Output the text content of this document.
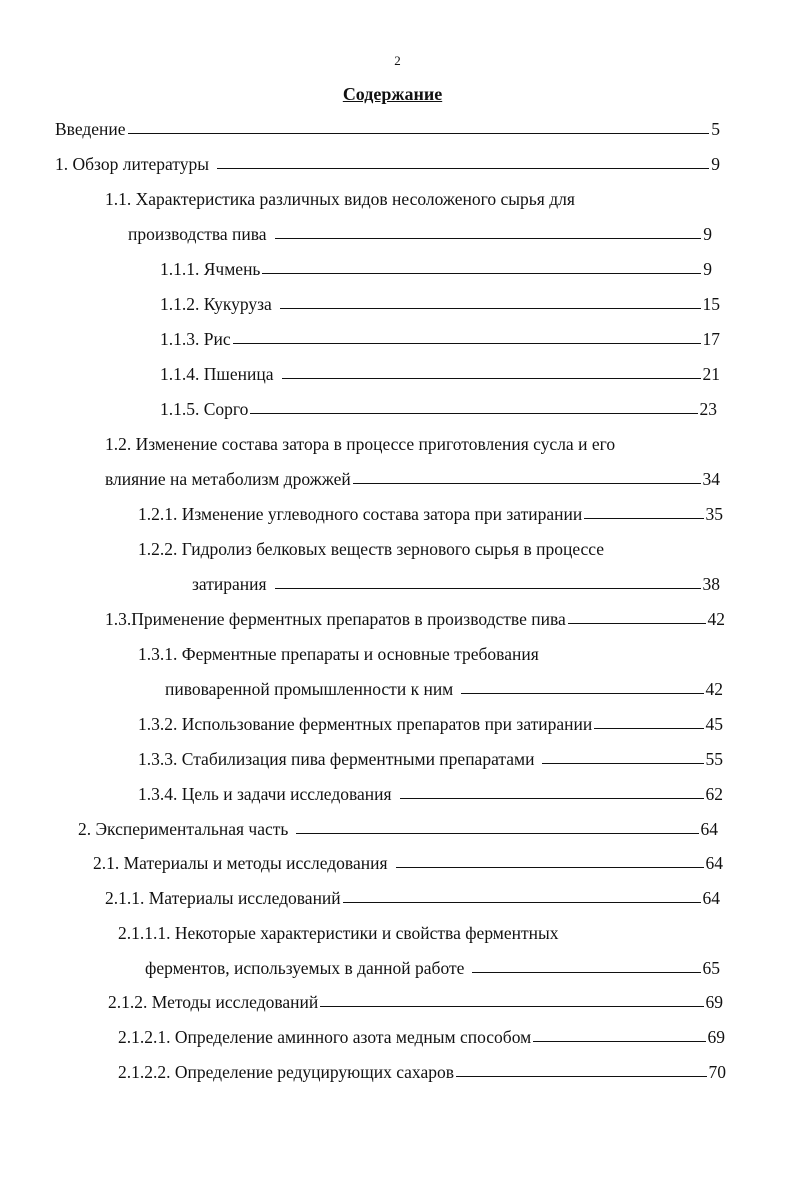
2
Содержание
Введение	5
1. Обзор литературы	9
1.1. Характеристика различных видов несоложеного сырья для
производства пива	9
1.1.1. Ячмень	9
1.1.2. Кукуруза	15
1.1.3. Рис	17
1.1.4. Пшеница	21
1.1.5. Сорго	23
1.2. Изменение состава затора в процессе приготовления сусла и его
влияние на метаболизм дрожжей	34
1.2.1. Изменение углеводного состава затора при затирании	35
1.2.2. Гидролиз белковых веществ зернового сырья в процессе
затирания	38
1.3.Применение ферментных препаратов в производстве пива	42
1.3.1. Ферментные препараты и основные требования
пивоваренной промышленности к ним	42
1.3.2. Использование ферментных препаратов при затирании	45
1.3.3. Стабилизация пива ферментными препаратами	55
1.3.4. Цель и задачи исследования	62
2. Экспериментальная часть	64
2.1. Материалы и методы исследования	64
2.1.1. Материалы исследований	64
2.1.1.1. Некоторые характеристики и свойства ферментных
ферментов, используемых в данной работе	65
2.1.2. Методы исследований	69
2.1.2.1. Определение аминного азота медным способом	69
2.1.2.2. Определение редуцирующих сахаров	70
